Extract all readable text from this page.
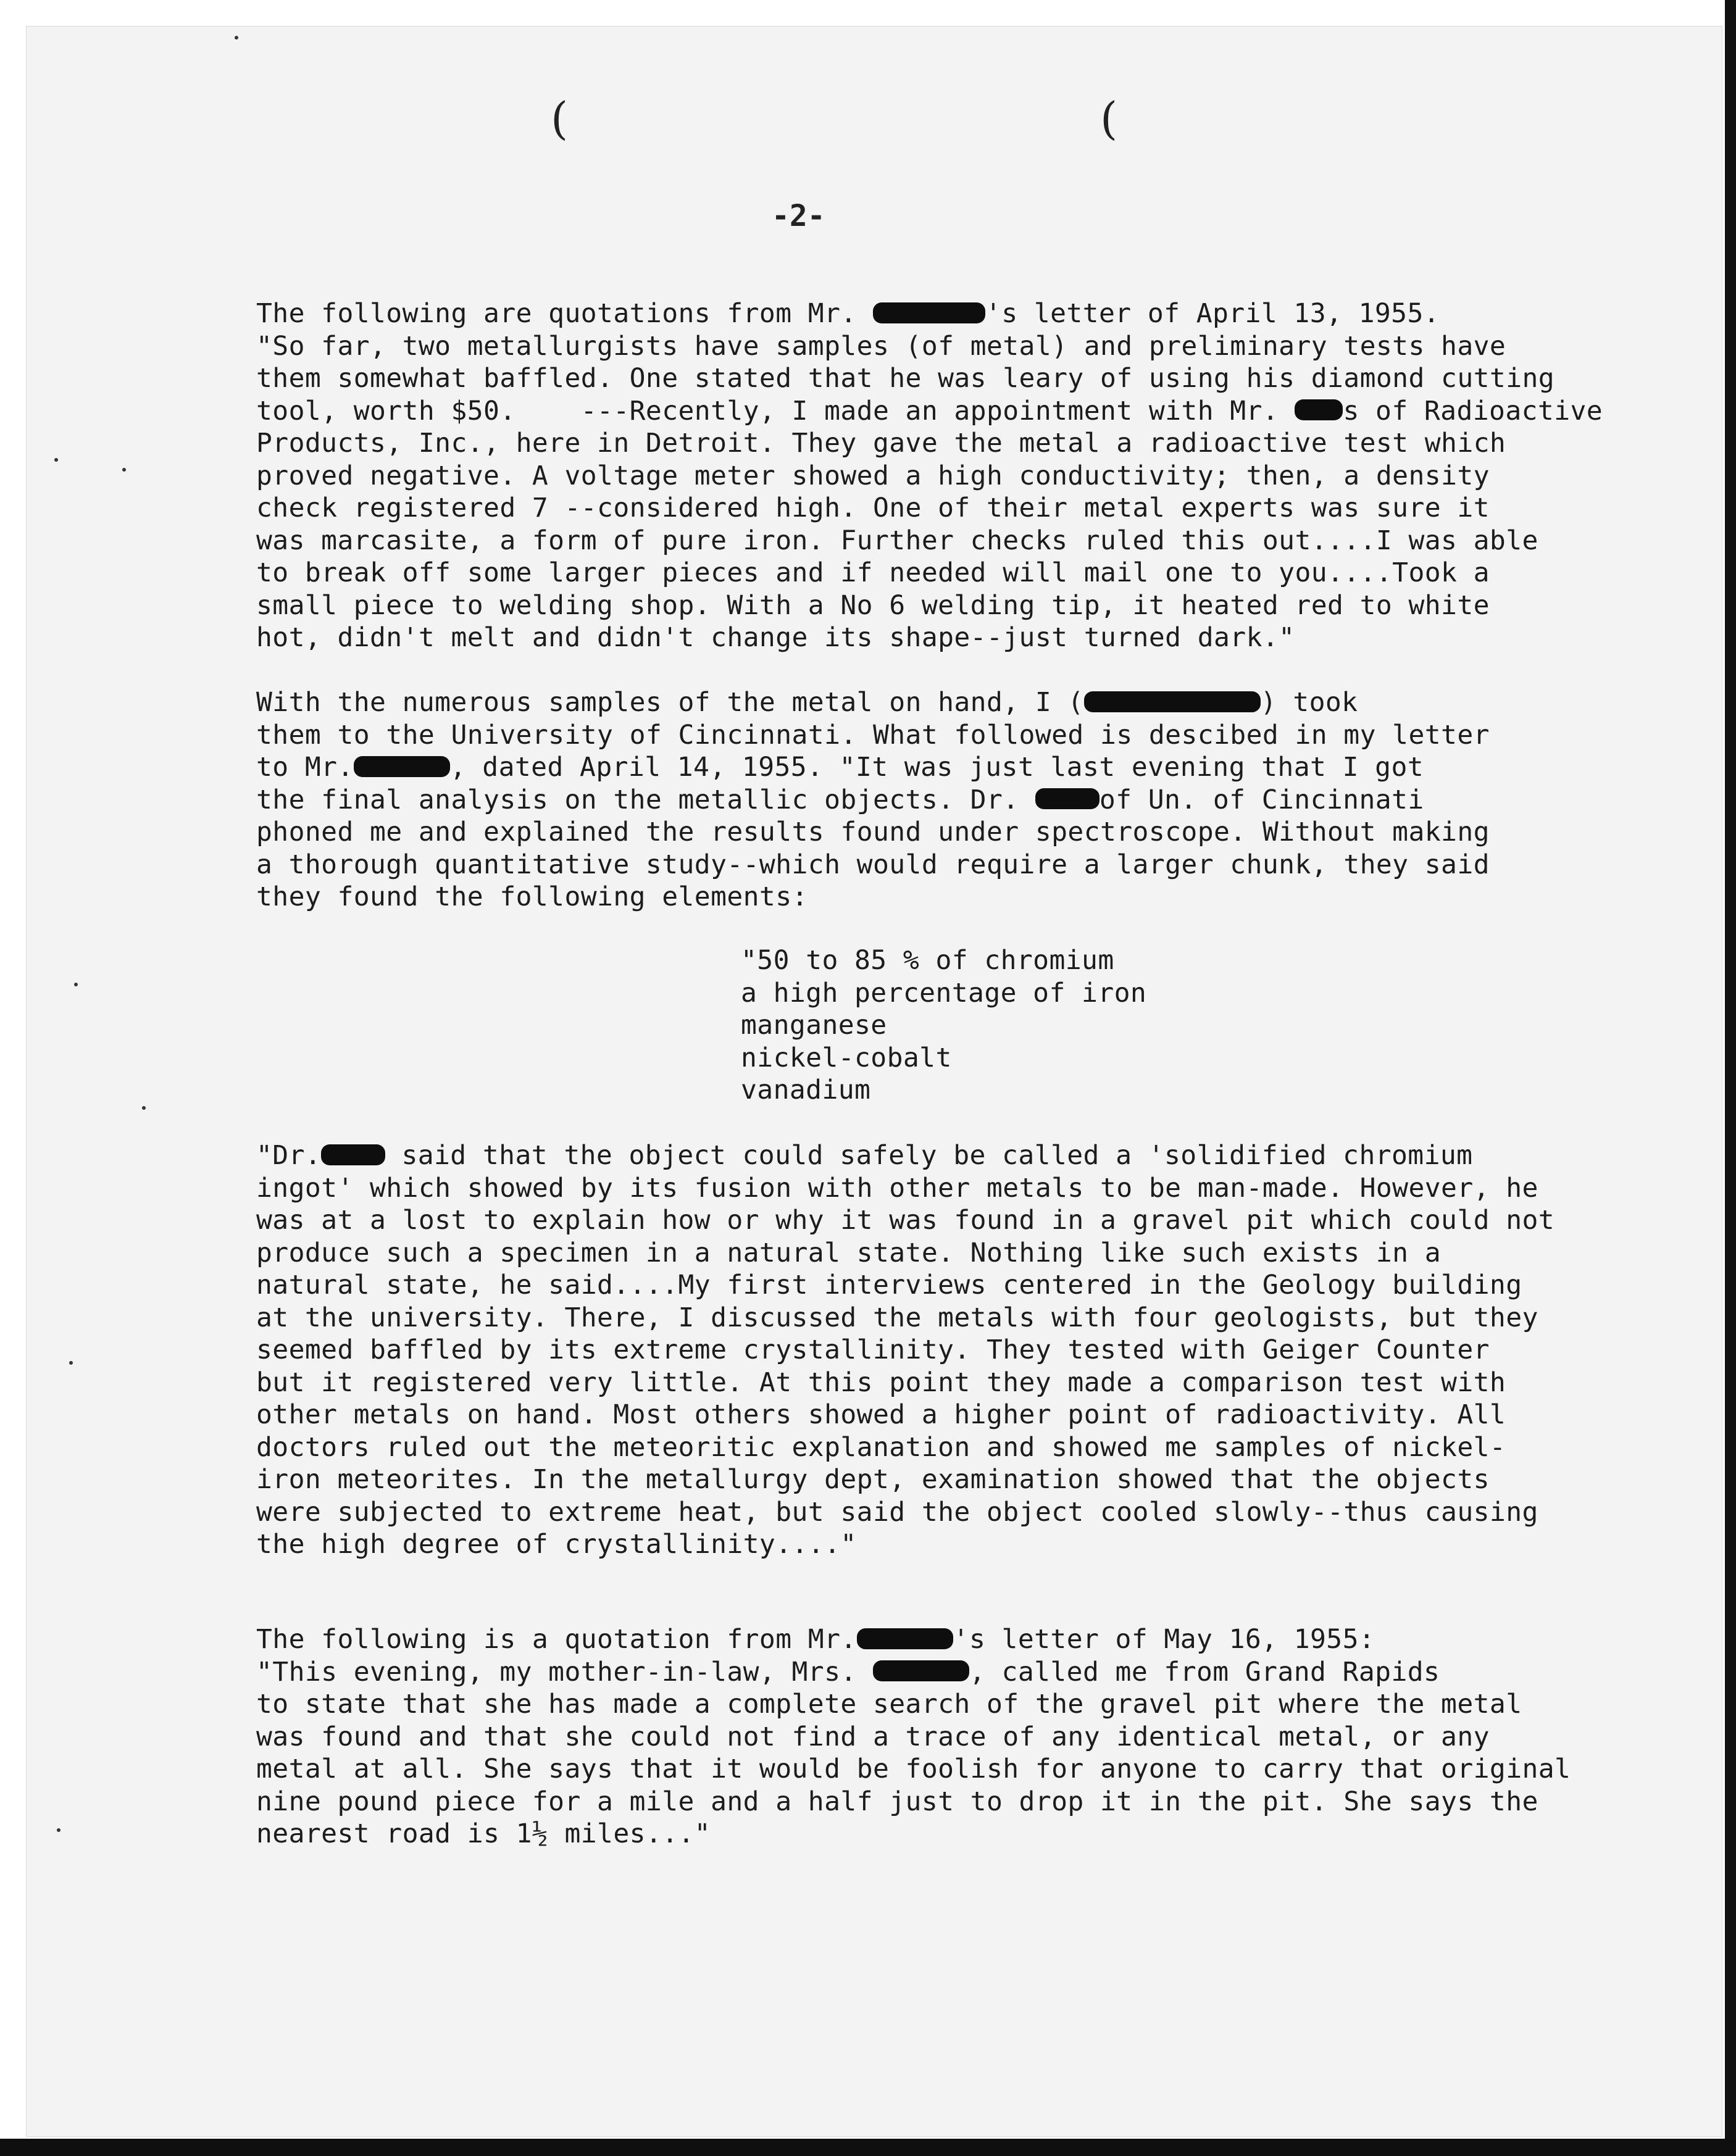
(	(
-2-
The following are quotations from Mr.	's letter of April 13, 1955.
"So far, two metallurgists have samples (of metal) and preliminary tests have
them somewhat baffled. One stated that he was leary of using his diamond cutting
tool, worth $50.    ---Recently, I made an appointment with Mr. s of Radioactive
Products, Inc., here in Detroit. They gave the metal a radioactive test which
proved negative. A voltage meter showed a high conductivity; then, a density
check registered 7 --considered high. One of their metal experts was sure it
was marcasite, a form of pure iron. Further checks ruled this out....I was able
to break off some larger pieces and if needed will mail one to you....Took a
small piece to welding shop. With a No 6 welding tip, it heated red to white
hot, didn't melt and didn't change its shape--just turned dark."
With the numerous samples of the metal on hand, I (	) took
them to the University of Cincinnati. What followed is descibed in my letter
to Mr.	, dated April 14, 1955. "It was just last evening that I got
the final analysis on the metallic objects. Dr. of Un. of Cincinnati
phoned me and explained the results found under spectroscope. Without making
a thorough quantitative study--which would require a larger chunk, they said
they found the following elements:
"50 to 85 % of chromium
a high percentage of iron
manganese
nickel-cobalt
vanadium
"Dr. said that the object could safely be called a 'solidified chromium
ingot' which showed by its fusion with other metals to be man-made. However, he
was at a lost to explain how or why it was found in a gravel pit which could not
produce such a specimen in a natural state. Nothing like such exists in a
natural state, he said....My first interviews centered in the Geology building
at the university. There, I discussed the metals with four geologists, but they
seemed baffled by its extreme crystallinity. They tested with Geiger Counter
but it registered very little. At this point they made a comparison test with
other metals on hand. Most others showed a higher point of radioactivity. All
doctors ruled out the meteoritic explanation and showed me samples of nickel-
iron meteorites. In the metallurgy dept, examination showed that the objects
were subjected to extreme heat, but said the object cooled slowly--thus causing
the high degree of crystallinity...."
The following is a quotation from Mr.	's letter of May 16, 1955:
"This evening, my mother-in-law, Mrs.	, called me from Grand Rapids
to state that she has made a complete search of the gravel pit where the metal
was found and that she could not find a trace of any identical metal, or any
metal at all. She says that it would be foolish for anyone to carry that original
nine pound piece for a mile and a half just to drop it in the pit. She says the
nearest road is 1½ miles..."
